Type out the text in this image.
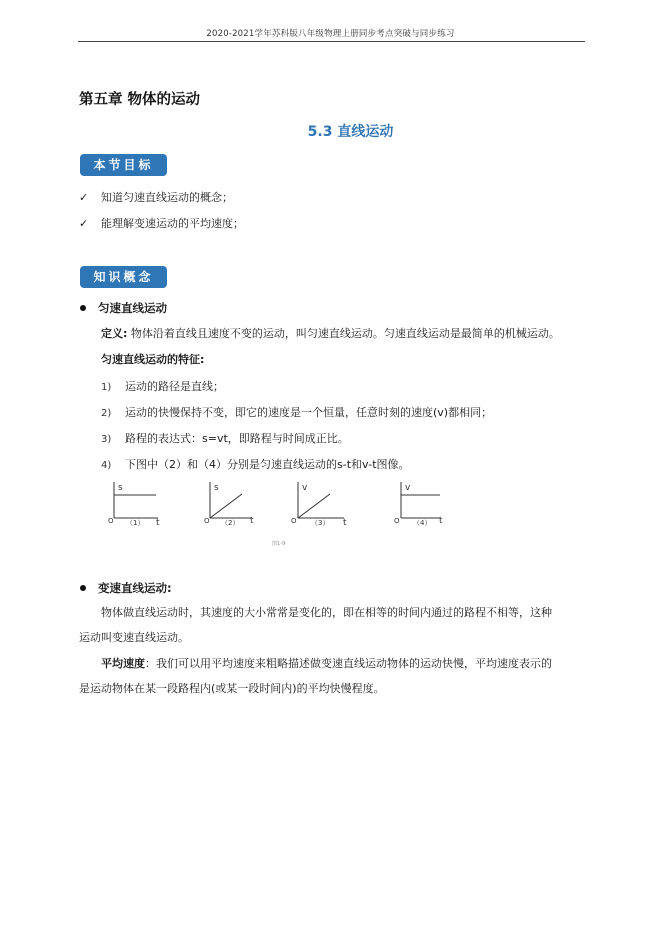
2020-2021学年苏科版八年级物理上册同步考点突破与同步练习
第五章 物体的运动
5.3 直线运动
本节目标
✓ 知道匀速直线运动的概念；
✓ 能理解变速运动的平均速度；
知识概念
匀速直线运动
定义: 物体沿着直线且速度不变的运动，叫匀速直线运动。匀速直线运动是最简单的机械运动。
匀速直线运动的特征:
1) 运动的路径是直线；
2) 运动的快慢保持不变，即它的速度是一个恒量，任意时刻的速度(v)都相同；
3) 路程的表达式：s=vt，即路程与时间成正比。
4) 下图中（2）和（4）分别是匀速直线运动的s-t和v-t图像。
s
t
O （1）
s
t
O （2）
v
t
O （3）
v
t
O （4）
图1-9
变速直线运动:
物体做直线运动时，其速度的大小常常是变化的，即在相等的时间内通过的路程不相等，这种
运动叫变速直线运动。
平均速度：我们可以用平均速度来粗略描述做变速直线运动物体的运动快慢，平均速度表示的
是运动物体在某一段路程内(或某一段时间内)的平均快慢程度。
